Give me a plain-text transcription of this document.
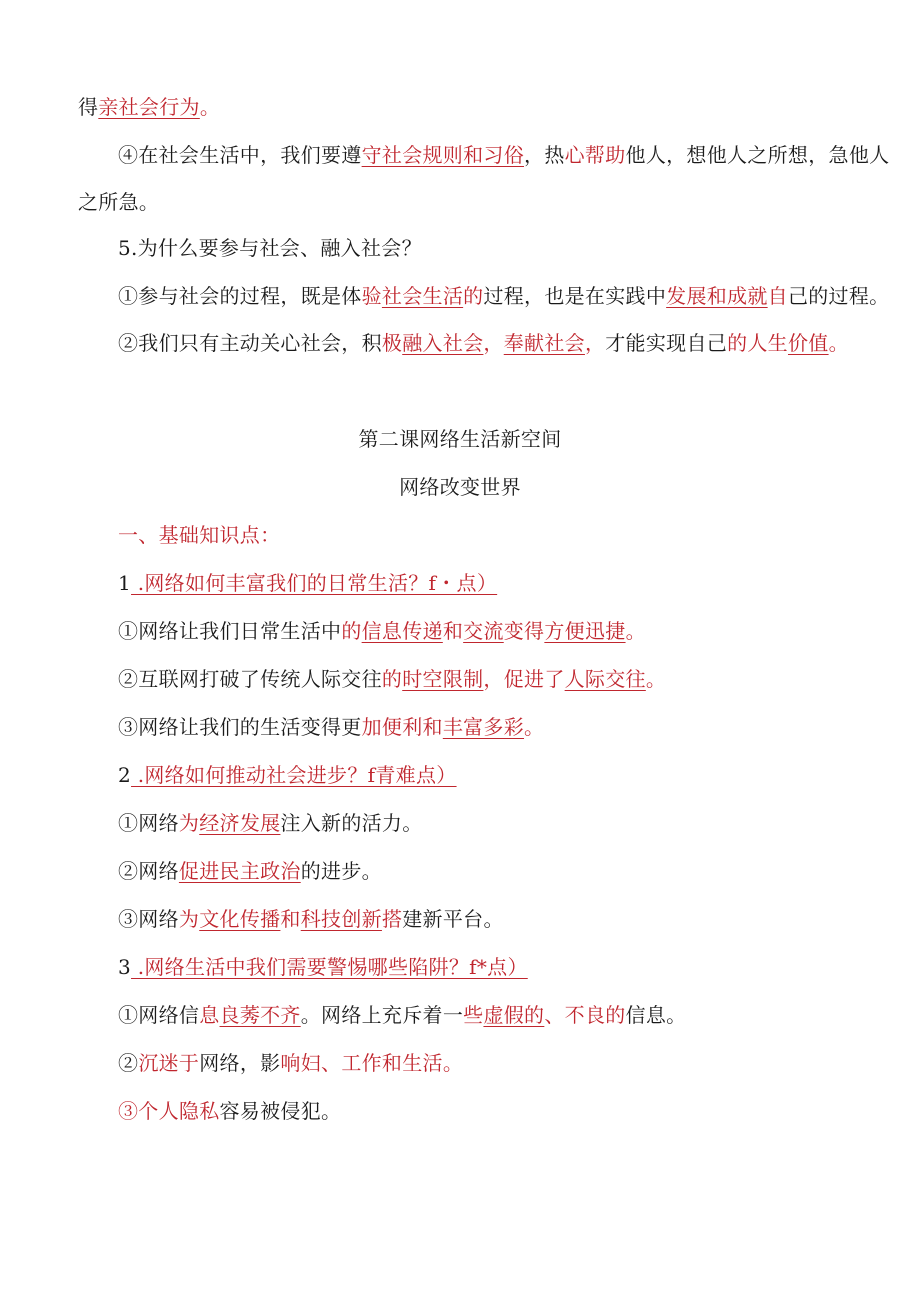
得亲社会行为。
④在社会生活中，我们要遵守社会规则和习俗，热心帮助他人，想他人之所想，急他人
之所急。
5.为什么要参与社会、融入社会？
①参与社会的过程，既是体验社会生活的过程，也是在实践中发展和成就自己的过程。
②我们只有主动关心社会，积极融入社会，奉献社会，才能实现自己的人生价值。
第二课网络生活新空间
网络改变世界
一、基础知识点：
1 .网络如何丰富我们的日常生活？f・点）
①网络让我们日常生活中的信息传递和交流变得方便迅捷。
②互联网打破了传统人际交往的时空限制，促进了人际交往。
③网络让我们的生活变得更加便利和丰富多彩。
2 .网络如何推动社会进步？f青难点）
①网络为经济发展注入新的活力。
②网络促进民主政治的进步。
③网络为文化传播和科技创新搭建新平台。
3 .网络生活中我们需要警惕哪些陷阱？f*点）
①网络信息良莠不齐。网络上充斥着一些虚假的、不良的信息。
②沉迷于网络，影响妇、工作和生活。
③个人隐私容易被侵犯。
